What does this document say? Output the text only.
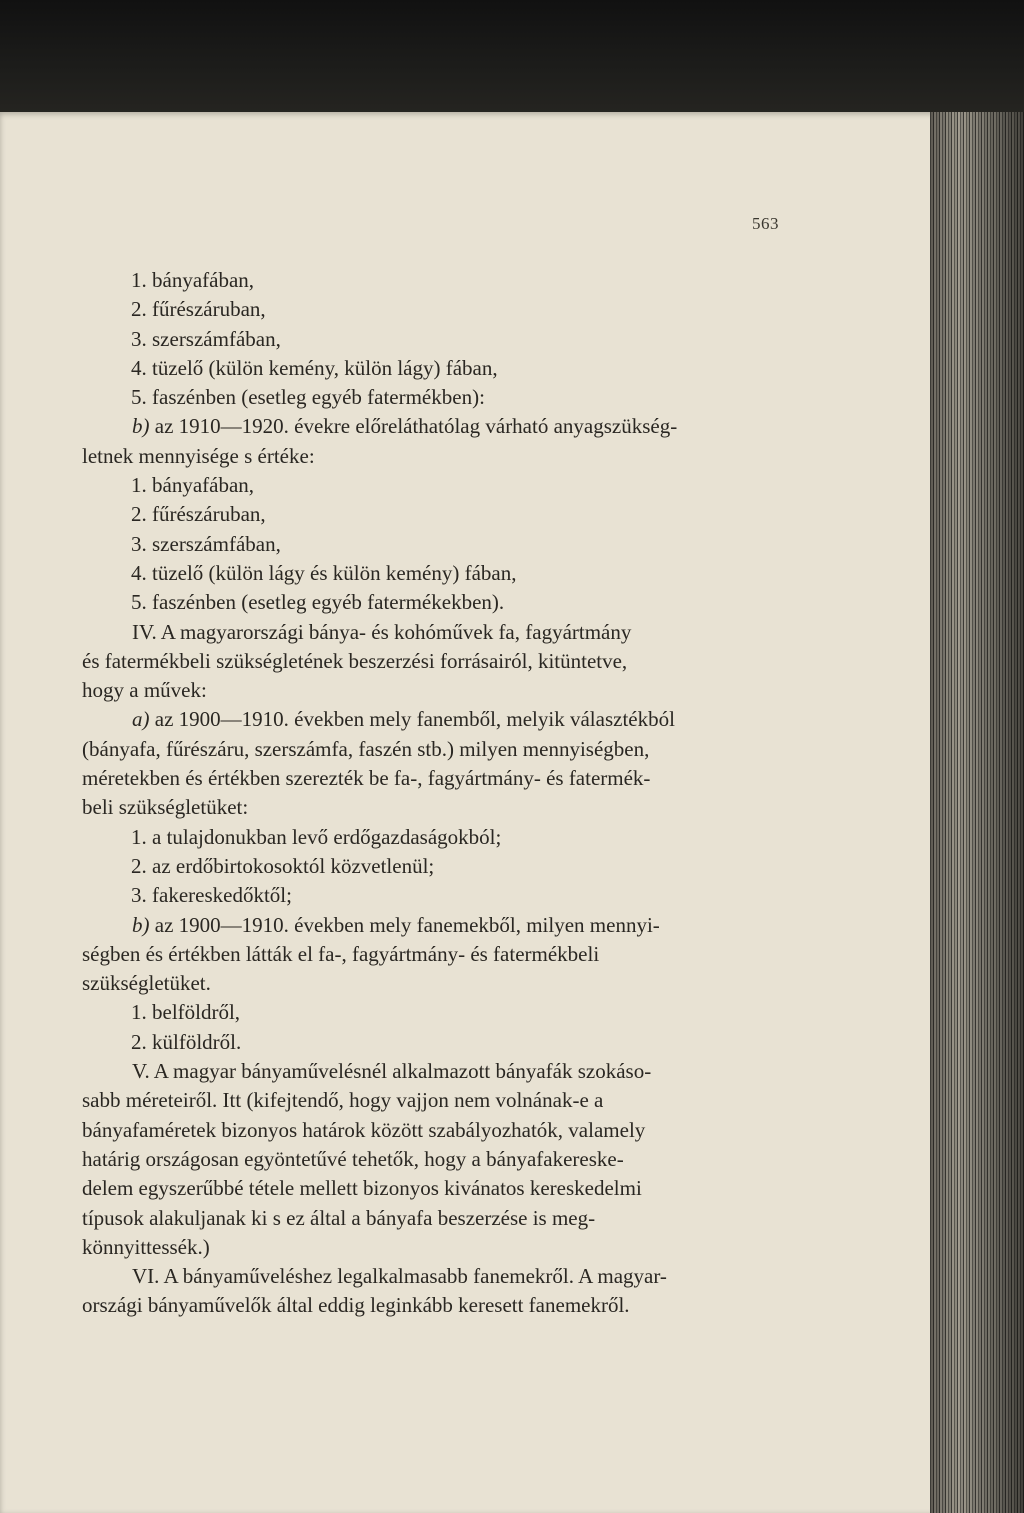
563

1. bányafában,

2. fűrészáruban,

3. szerszámfában,

4. tüzelő (külön kemény, külön lágy) fában,

5. faszénben (esetleg egyéb fatermékben):

b) az 1910—1920. évekre előreláthatólag várható anyagszükség-

letnek mennyisége s értéke:

1. bányafában,

2. fűrészáruban,

3. szerszámfában,

4. tüzelő (külön lágy és külön kemény) fában,

5. faszénben (esetleg egyéb fatermékekben).

IV. A magyarországi bánya- és kohóművek fa, fagyártmány

és fatermékbeli szükségletének beszerzési forrásairól, kitüntetve,

hogy a művek:

a) az 1900—1910. években mely fanemből, melyik választékból

(bányafa, fűrészáru, szerszámfa, faszén stb.) milyen mennyiségben,

méretekben és értékben szerezték be fa-, fagyártmány- és fatermék-

beli szükségletüket:

1. a tulajdonukban levő erdőgazdaságokból;

2. az erdőbirtokosoktól közvetlenül;

3. fakereskedőktől;

b) az 1900—1910. években mely fanemekből, milyen mennyi-

ségben és értékben látták el fa-, fagyártmány- és fatermékbeli

szükségletüket.

1. belföldről,

2. külföldről.

V. A magyar bányaművelésnél alkalmazott bányafák szokáso-

sabb méreteiről. Itt (kifejtendő, hogy vajjon nem volnának-e a

bányafaméretek bizonyos határok között szabályozhatók, valamely

határig országosan egyöntetűvé tehetők, hogy a bányafakereske-

delem egyszerűbbé tétele mellett bizonyos kivánatos kereskedelmi

típusok alakuljanak ki s ez által a bányafa beszerzése is meg-

könnyittessék.)

VI. A bányaműveléshez legalkalmasabb fanemekről. A magyar-

országi bányaművelők által eddig leginkább keresett fanemekről.
